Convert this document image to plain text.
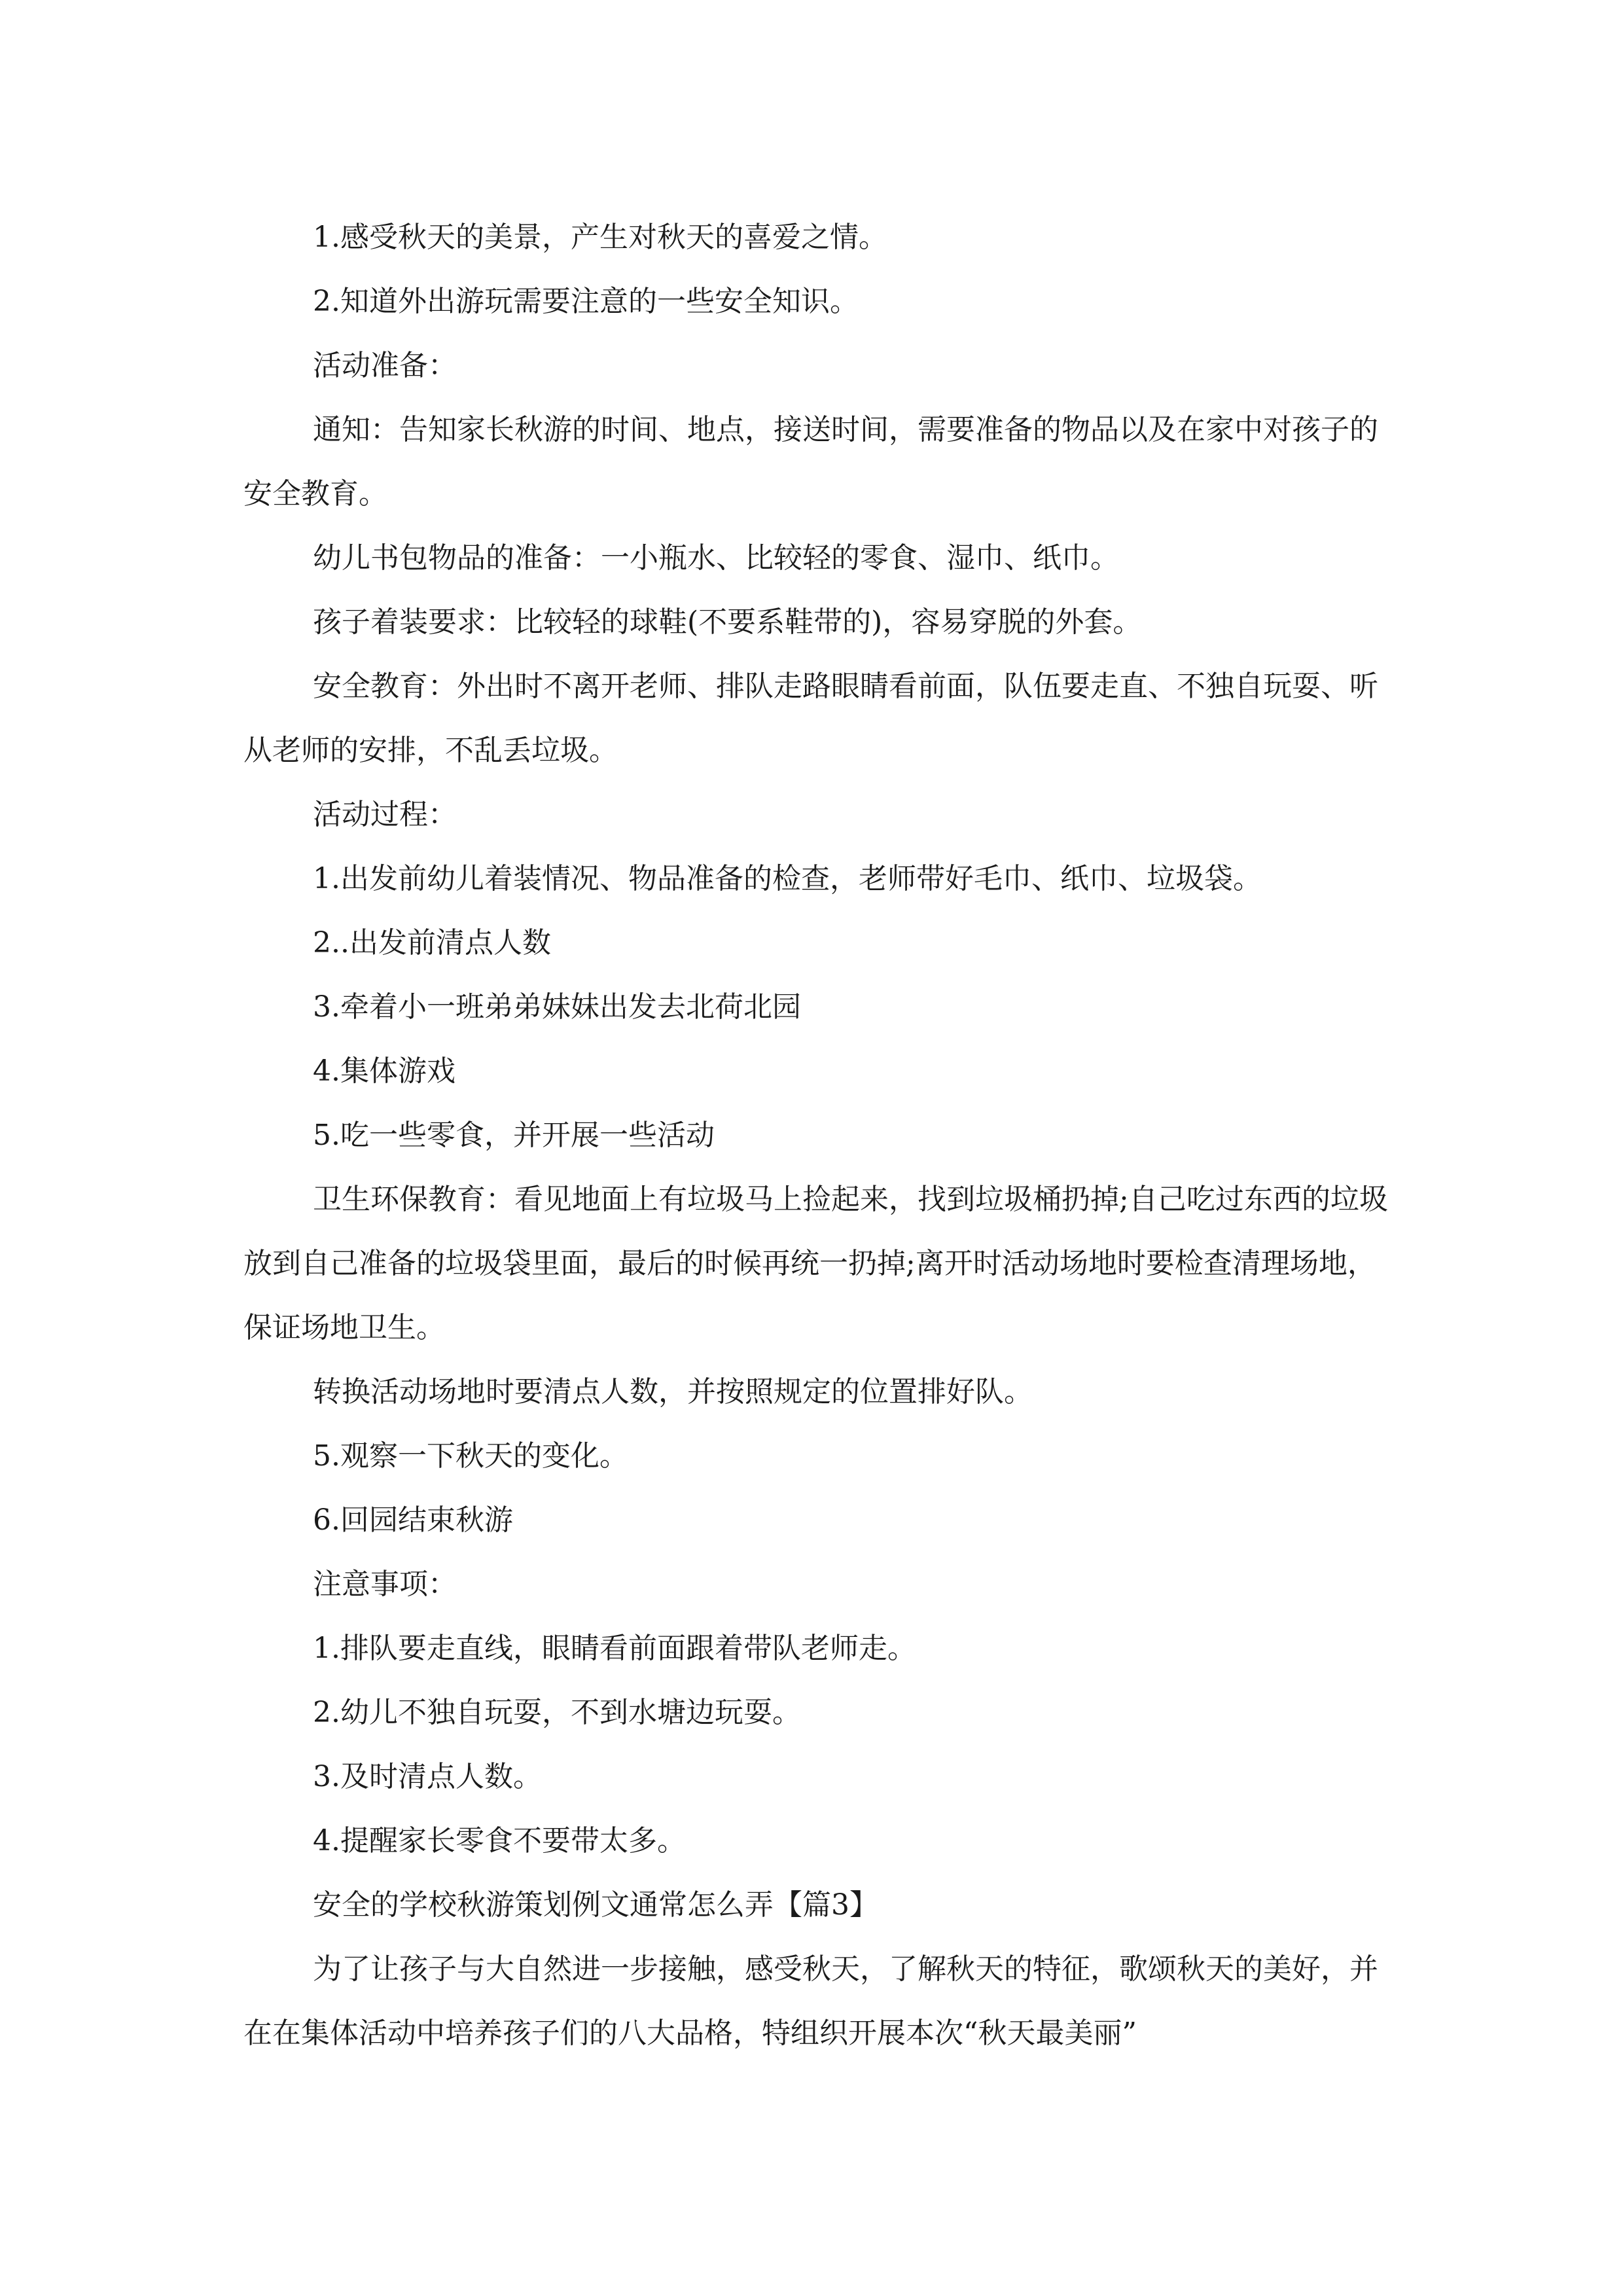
1.感受秋天的美景，产生对秋天的喜爱之情。

2.知道外出游玩需要注意的一些安全知识。

活动准备：

通知：告知家长秋游的时间、地点，接送时间，需要准备的物品以及在家中对孩子的安全教育。

幼儿书包物品的准备：一小瓶水、比较轻的零食、湿巾、纸巾。

孩子着装要求：比较轻的球鞋(不要系鞋带的)，容易穿脱的外套。

安全教育：外出时不离开老师、排队走路眼睛看前面，队伍要走直、不独自玩耍、听从老师的安排，不乱丢垃圾。

活动过程：

1.出发前幼儿着装情况、物品准备的检查，老师带好毛巾、纸巾、垃圾袋。

2..出发前清点人数

3.牵着小一班弟弟妹妹出发去北荷北园

4.集体游戏

5.吃一些零食，并开展一些活动

卫生环保教育：看见地面上有垃圾马上捡起来，找到垃圾桶扔掉;自己吃过东西的垃圾放到自己准备的垃圾袋里面，最后的时候再统一扔掉;离开时活动场地时要检查清理场地，保证场地卫生。

转换活动场地时要清点人数，并按照规定的位置排好队。

5.观察一下秋天的变化。

6.回园结束秋游

注意事项：

1.排队要走直线，眼睛看前面跟着带队老师走。

2.幼儿不独自玩耍，不到水塘边玩耍。

3.及时清点人数。

4.提醒家长零食不要带太多。

安全的学校秋游策划例文通常怎么弄【篇3】

为了让孩子与大自然进一步接触，感受秋天，了解秋天的特征，歌颂秋天的美好，并在在集体活动中培养孩子们的八大品格，特组织开展本次“秋天最美丽”
